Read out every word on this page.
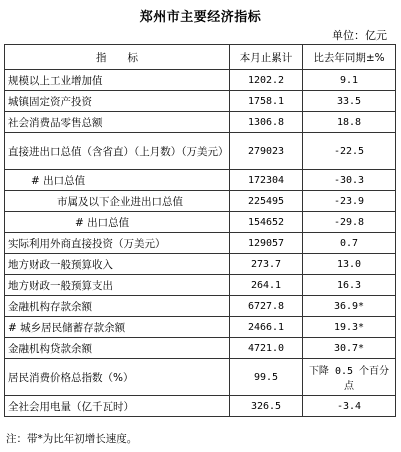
郑州市主要经济指标
单位：亿元
指　　标	本月止累计	比去年同期±%
规模以上工业增加值	1202.2	9.1
城镇固定资产投资	1758.1	33.5
社会消费品零售总额	1306.8	18.8
直接进出口总值（含省直）（上月数）（万美元）	279023	-22.5
# 出口总值	172304	-30.3
市属及以下企业进出口总值	225495	-23.9
# 出口总值	154652	-29.8
实际利用外商直接投资（万美元）	129057	0.7
地方财政一般预算收入	273.7	13.0
地方财政一般预算支出	264.1	16.3
金融机构存款余额	6727.8	36.9*
# 城乡居民储蓄存款余额	2466.1	19.3*
金融机构贷款余额	4721.0	30.7*
居民消费价格总指数（%）	99.5	下降 0.5 个百分点
全社会用电量（亿千瓦时）	326.5	-3.4
注：带*为比年初增长速度。
